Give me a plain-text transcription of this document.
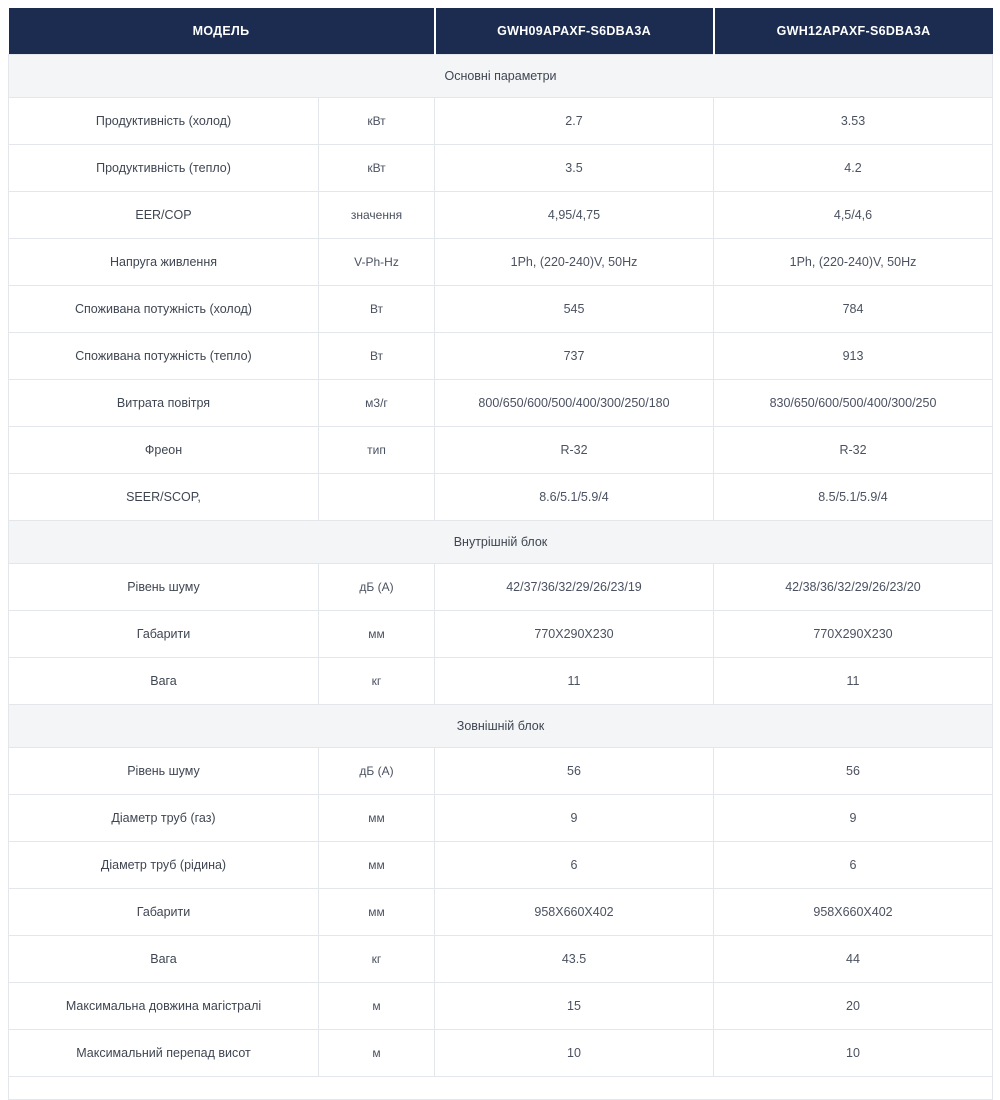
МОДЕЛЬ		GWH09APAXF-S6DBA3A	GWH12APAXF-S6DBA3A
Основні параметри			
Продуктивність (холод)	кВт	2.7	3.53
Продуктивність (тепло)	кВт	3.5	4.2
EER/COP	значення	4,95/4,75	4,5/4,6
Напруга живлення	V-Ph-Hz	1Ph, (220-240)V, 50Hz	1Ph, (220-240)V, 50Hz
Споживана потужність (холод)	Вт	545	784
Споживана потужність (тепло)	Вт	737	913
Витрата повітря	м3/г	800/650/600/500/400/300/250/180	830/650/600/500/400/300/250
Фреон	тип	R-32	R-32
SEER/SCOP,		8.6/5.1/5.9/4	8.5/5.1/5.9/4
Внутрішній блок			
Рівень шуму	дБ (А)	42/37/36/32/29/26/23/19	42/38/36/32/29/26/23/20
Габарити	мм	770X290X230	770X290X230
Вага	кг	11	11
Зовнішній блок			
Рівень шуму	дБ (А)	56	56
Діаметр труб (газ)	мм	9	9
Діаметр труб (рідина)	мм	6	6
Габарити	мм	958X660X402	958X660X402
Вага	кг	43.5	44
Максимальна довжина магістралі	м	15	20
Максимальний перепад висот	м	10	10
